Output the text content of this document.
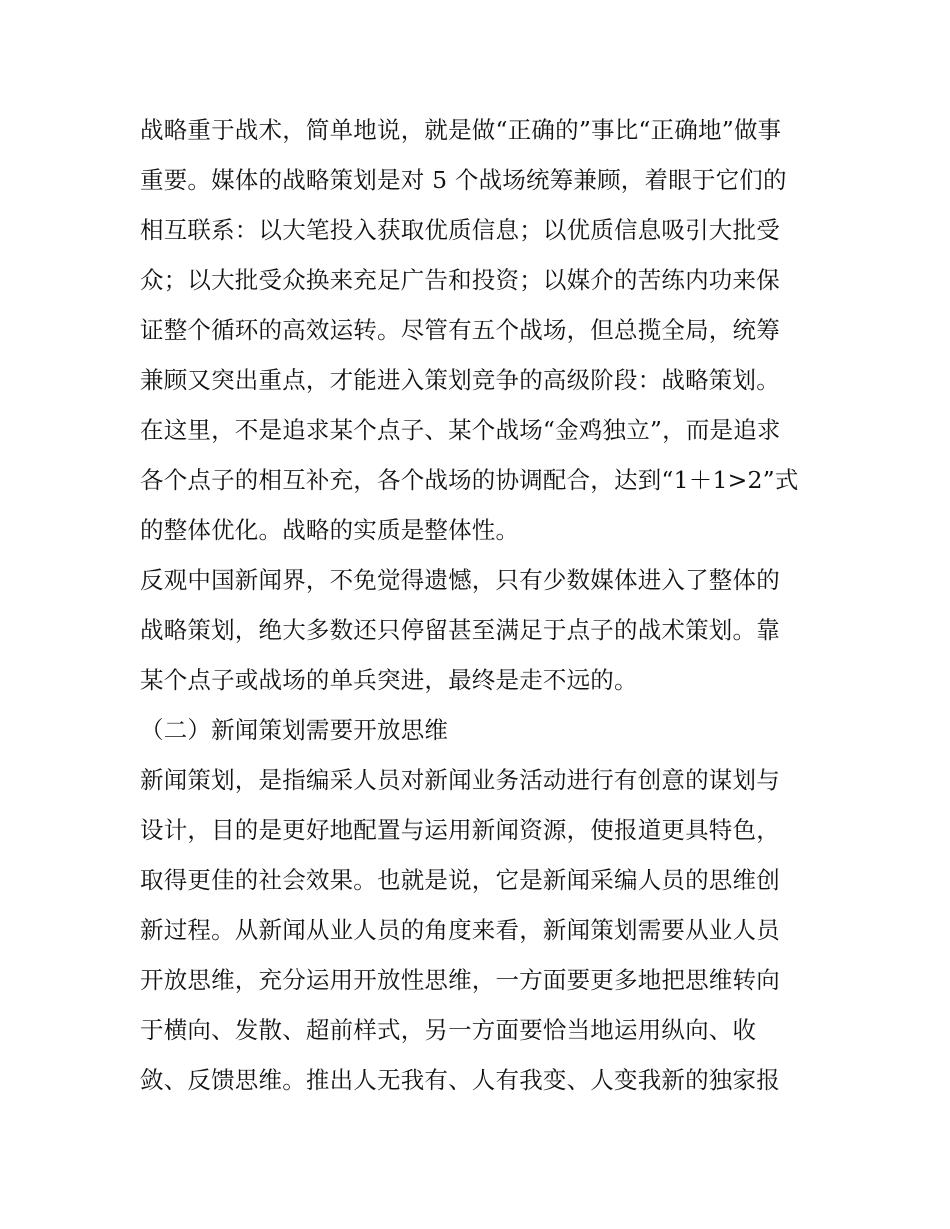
战略重于战术，简单地说，就是做“正确的”事比“正确地”做事
重要。媒体的战略策划是对 5 个战场统筹兼顾，着眼于它们的
相互联系：以大笔投入获取优质信息；以优质信息吸引大批受
众；以大批受众换来充足广告和投资；以媒介的苦练内功来保
证整个循环的高效运转。尽管有五个战场，但总揽全局，统筹
兼顾又突出重点，才能进入策划竞争的高级阶段：战略策划。
在这里，不是追求某个点子、某个战场“金鸡独立”，而是追求
各个点子的相互补充，各个战场的协调配合，达到“1＋1>2”式
的整体优化。战略的实质是整体性。
反观中国新闻界，不免觉得遗憾，只有少数媒体进入了整体的
战略策划，绝大多数还只停留甚至满足于点子的战术策划。靠
某个点子或战场的单兵突进，最终是走不远的。
（二）新闻策划需要开放思维
新闻策划，是指编采人员对新闻业务活动进行有创意的谋划与
设计，目的是更好地配置与运用新闻资源，使报道更具特色，
取得更佳的社会效果。也就是说，它是新闻采编人员的思维创
新过程。从新闻从业人员的角度来看，新闻策划需要从业人员
开放思维，充分运用开放性思维，一方面要更多地把思维转向
于横向、发散、超前样式，另一方面要恰当地运用纵向、收
敛、反馈思维。推出人无我有、人有我变、人变我新的独家报
